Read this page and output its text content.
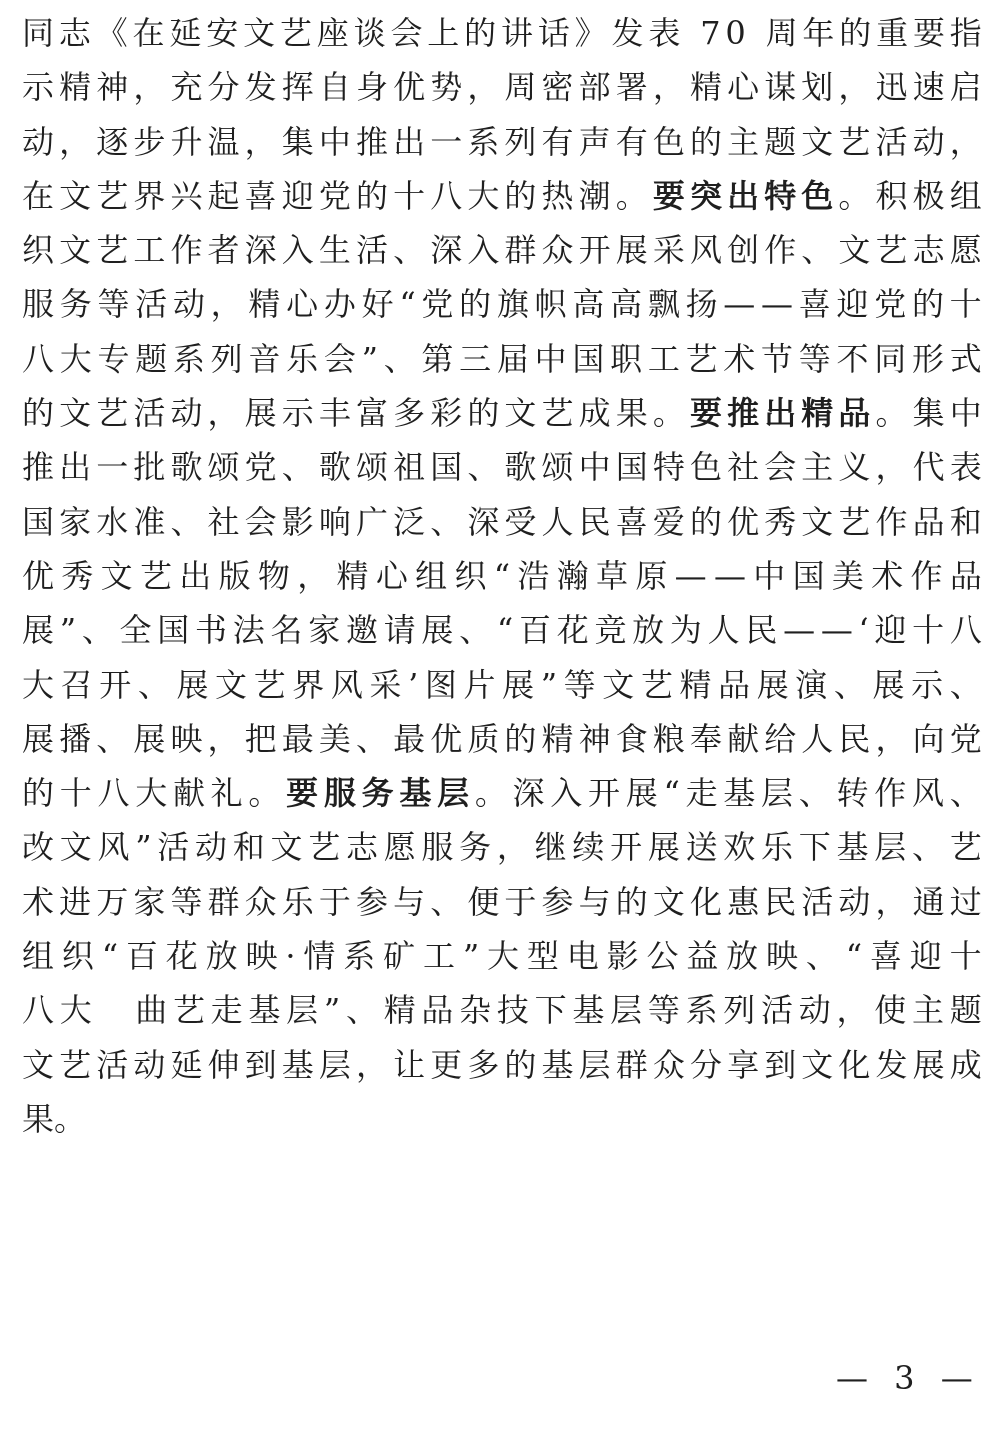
同 志 《 在 延 安 文 艺 座 谈 会 上 的 讲 话 》 发 表
7 0
周 年 的 重 要 指
示 精 神 ， 充 分 发 挥 自 身 优 势 ， 周 密 部 署 ， 精 心 谋 划 ， 迅 速 启
动 ， 逐 步 升 温 ， 集 中 推 出 一 系 列 有 声 有 色 的 主 题 文 艺 活 动 ，
在 文 艺 界 兴 起 喜 迎 党 的 十 八 大 的 热 潮 。 要 突 出 特 色 。 积 极 组
织 文 艺 工 作 者 深 入 生 活 、 深 入 群 众 开 展 采 风 创 作 、 文 艺 志 愿
服 务 等 活 动 ， 精 心 办 好 “ 党 的 旗 帜 高 高 飘 扬 — — 喜 迎 党 的 十
八 大 专 题 系 列 音 乐 会 ” 、 第 三 届 中 国 职 工 艺 术 节 等 不 同 形 式
的 文 艺 活 动 ， 展 示 丰 富 多 彩 的 文 艺 成 果 。 要 推 出 精 品 。 集 中
推 出 一 批 歌 颂 党 、 歌 颂 祖 国 、 歌 颂 中 国 特 色 社 会 主 义 ， 代 表
国 家 水 准 、 社 会 影 响 广 泛 、 深 受 人 民 喜 爱 的 优 秀 文 艺 作 品 和
优 秀 文 艺 出 版 物 ， 精 心 组 织 “ 浩 瀚 草 原 — — 中 国 美 术 作 品
展 ” 、 全 国 书 法 名 家 邀 请 展 、 “ 百 花 竞 放 为 人 民 — — ‘ 迎 十 八
大 召 开 、 展 文 艺 界 风 采 ’ 图 片 展 ” 等 文 艺 精 品 展 演 、 展 示 、
展 播 、 展 映 ， 把 最 美 、 最 优 质 的 精 神 食 粮 奉 献 给 人 民 ， 向 党
的 十 八 大 献 礼 。 要 服 务 基 层 。 深 入 开 展 “ 走 基 层 、 转 作 风 、
改 文 风 ” 活 动 和 文 艺 志 愿 服 务 ， 继 续 开 展 送 欢 乐 下 基 层 、 艺
术 进 万 家 等 群 众 乐 于 参 与 、 便 于 参 与 的 文 化 惠 民 活 动 ， 通 过
组 织 “ 百 花 放 映 · 情 系 矿 工 ” 大 型 电 影 公 益 放 映 、 “ 喜 迎 十
八 大
　 曲 艺 走 基 层 ” 、 精 品 杂 技 下 基 层 等 系 列 活 动 ， 使 主 题
文 艺 活 动 延 伸 到 基 层 ， 让 更 多 的 基 层 群 众 分 享 到 文 化 发 展 成
果 。
— 3 —
